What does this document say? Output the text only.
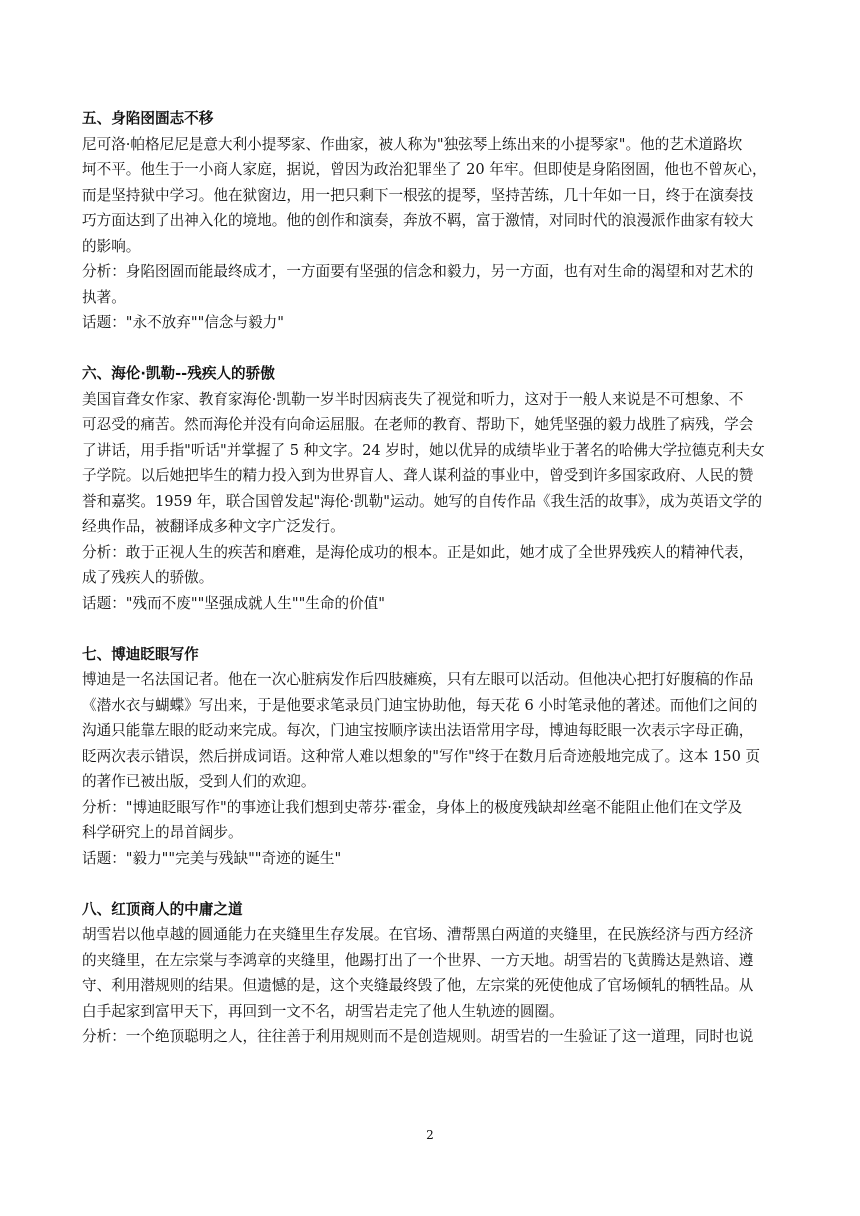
五、身陷囹圄志不移
尼可洛·帕格尼尼是意大利小提琴家、作曲家，被人称为"独弦琴上练出来的小提琴家"。他的艺术道路坎
坷不平。他生于一小商人家庭，据说，曾因为政治犯罪坐了 20 年牢。但即使是身陷囹圄，他也不曾灰心，
而是坚持狱中学习。他在狱窗边，用一把只剩下一根弦的提琴，坚持苦练，几十年如一日，终于在演奏技
巧方面达到了出神入化的境地。他的创作和演奏，奔放不羁，富于激情，对同时代的浪漫派作曲家有较大
的影响。
分析：身陷囹圄而能最终成才，一方面要有坚强的信念和毅力，另一方面，也有对生命的渴望和对艺术的
执著。
话题："永不放弃""信念与毅力"
六、海伦·凯勒--残疾人的骄傲
美国盲聋女作家、教育家海伦·凯勒一岁半时因病丧失了视觉和听力，这对于一般人来说是不可想象、不
可忍受的痛苦。然而海伦并没有向命运屈服。在老师的教育、帮助下，她凭坚强的毅力战胜了病残，学会
了讲话，用手指"听话"并掌握了 5 种文字。24 岁时，她以优异的成绩毕业于著名的哈佛大学拉德克利夫女
子学院。以后她把毕生的精力投入到为世界盲人、聋人谋利益的事业中，曾受到许多国家政府、人民的赞
誉和嘉奖。1959 年，联合国曾发起"海伦·凯勒"运动。她写的自传作品《我生活的故事》，成为英语文学的
经典作品，被翻译成多种文字广泛发行。
分析：敢于正视人生的疾苦和磨难，是海伦成功的根本。正是如此，她才成了全世界残疾人的精神代表，
成了残疾人的骄傲。
话题："残而不废""坚强成就人生""生命的价值"
七、博迪眨眼写作
博迪是一名法国记者。他在一次心脏病发作后四肢瘫痪，只有左眼可以活动。但他决心把打好腹稿的作品
《潜水衣与蝴蝶》写出来，于是他要求笔录员门迪宝协助他，每天花 6 小时笔录他的著述。而他们之间的
沟通只能靠左眼的眨动来完成。每次，门迪宝按顺序读出法语常用字母，博迪每眨眼一次表示字母正确，
眨两次表示错误，然后拼成词语。这种常人难以想象的"写作"终于在数月后奇迹般地完成了。这本 150 页
的著作已被出版，受到人们的欢迎。
分析："博迪眨眼写作"的事迹让我们想到史蒂芬·霍金，身体上的极度残缺却丝毫不能阻止他们在文学及
科学研究上的昂首阔步。
话题："毅力""完美与残缺""奇迹的诞生"
八、红顶商人的中庸之道
胡雪岩以他卓越的圆通能力在夹缝里生存发展。在官场、漕帮黑白两道的夹缝里，在民族经济与西方经济
的夹缝里，在左宗棠与李鸿章的夹缝里，他踢打出了一个世界、一方天地。胡雪岩的飞黄腾达是熟谙、遵
守、利用潜规则的结果。但遗憾的是，这个夹缝最终毁了他，左宗棠的死使他成了官场倾轧的牺牲品。从
白手起家到富甲天下，再回到一文不名，胡雪岩走完了他人生轨迹的圆圈。
分析：一个绝顶聪明之人，往往善于利用规则而不是创造规则。胡雪岩的一生验证了这一道理，同时也说
2
